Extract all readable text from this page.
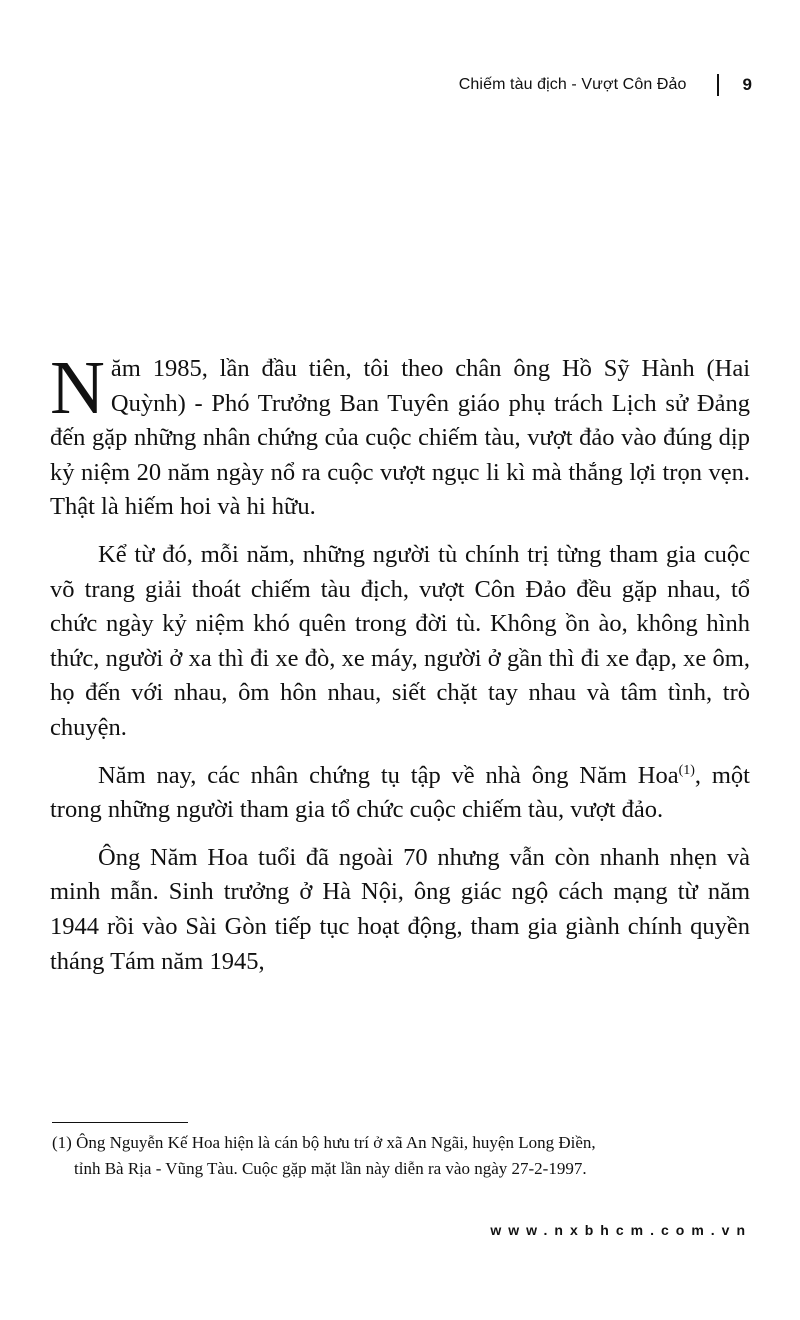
Chiếm tàu địch - Vượt Côn Đảo	9

Năm 1985, lần đầu tiên, tôi theo chân ông Hồ Sỹ Hành (Hai Quỳnh) - Phó Trưởng Ban Tuyên giáo phụ trách Lịch sử Đảng đến gặp những nhân chứng của cuộc chiếm tàu, vượt đảo vào đúng dịp kỷ niệm 20 năm ngày nổ ra cuộc vượt ngục li kì mà thắng lợi trọn vẹn. Thật là hiếm hoi và hi hữu.

Kể từ đó, mỗi năm, những người tù chính trị từng tham gia cuộc võ trang giải thoát chiếm tàu địch, vượt Côn Đảo đều gặp nhau, tổ chức ngày kỷ niệm khó quên trong đời tù. Không ồn ào, không hình thức, người ở xa thì đi xe đò, xe máy, người ở gần thì đi xe đạp, xe ôm, họ đến với nhau, ôm hôn nhau, siết chặt tay nhau và tâm tình, trò chuyện.

Năm nay, các nhân chứng tụ tập về nhà ông Năm Hoa$^{(1)}$, một trong những người tham gia tổ chức cuộc chiếm tàu, vượt đảo.

Ông Năm Hoa tuổi đã ngoài 70 nhưng vẫn còn nhanh nhẹn và minh mẫn. Sinh trưởng ở Hà Nội, ông giác ngộ cách mạng từ năm 1944 rồi vào Sài Gòn tiếp tục hoạt động, tham gia giành chính quyền tháng Tám năm 1945,

(1) Ông Nguyễn Kế Hoa hiện là cán bộ hưu trí ở xã An Ngãi, huyện Long Điền,
tỉnh Bà Rịa - Vũng Tàu. Cuộc gặp mặt lần này diễn ra vào ngày 27-2-1997.
www.nxbhcm.com.vn
